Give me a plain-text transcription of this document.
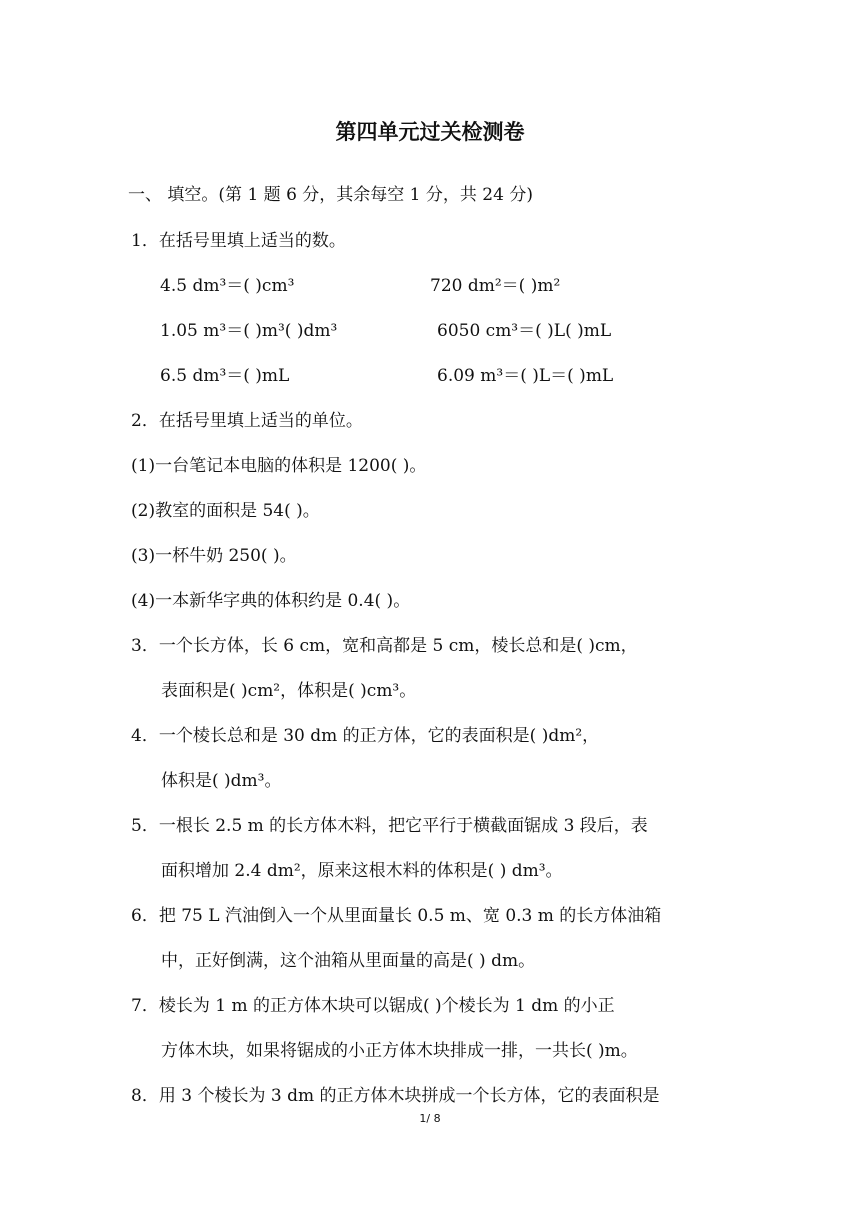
第四单元过关检测卷
一、 填空。(第 1 题 6 分，其余每空 1 分，共 24 分)
1．在括号里填上适当的数。
4.5 dm³＝( )cm³	720 dm²＝( )m²
1.05 m³＝( )m³( )dm³	6050 cm³＝( )L( )mL
6.5 dm³＝( )mL	6.09 m³＝( )L＝( )mL
2．在括号里填上适当的单位。
(1)一台笔记本电脑的体积是 1200( )。
(2)教室的面积是 54( )。
(3)一杯牛奶 250( )。
(4)一本新华字典的体积约是 0.4( )。
3．一个长方体，长 6 cm，宽和高都是 5 cm，棱长总和是( )cm，
表面积是( )cm²，体积是( )cm³。
4．一个棱长总和是 30 dm 的正方体，它的表面积是( )dm²，
体积是( )dm³。
5．一根长 2.5 m 的长方体木料，把它平行于横截面锯成 3 段后，表
面积增加 2.4 dm²，原来这根木料的体积是( ) dm³。
6．把 75 L 汽油倒入一个从里面量长 0.5 m、宽 0.3 m 的长方体油箱
中，正好倒满，这个油箱从里面量的高是( ) dm。
7．棱长为 1 m 的正方体木块可以锯成( )个棱长为 1 dm 的小正
方体木块，如果将锯成的小正方体木块排成一排，一共长( )m。
8．用 3 个棱长为 3 dm 的正方体木块拼成一个长方体，它的表面积是
1/ 8
